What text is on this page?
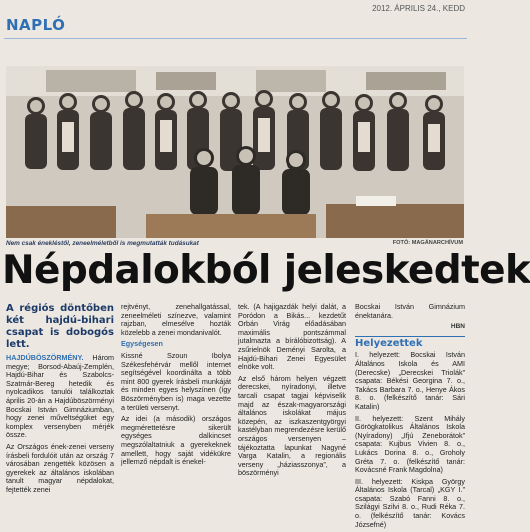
NAPLÓ
2012. ÁPRILIS 24., KEDD
Nem csak énekléstől, zeneelméletből is megmutatták tudásukat	FOTÓ: MAGÁNARCHÍVUM
Népdalokból jeleskedtek

A régiós döntőben két hajdú-bihari csapat is dobogós lett.

HAJDÚBÖSZÖRMÉNY. Három megye; Borsod-Abaúj-Zemplén, Hajdú-Bihar és Szabolcs-Szatmár-Bereg hetedik és nyolcadikos tanulói találkoztak április 20-án a Hajdúböszörményi Bocskai István Gimnáziumban, hogy zenei műveltségüket egy komplex versenyben mérjék össze.

Az Országos ének-zenei verseny írásbeli fordulóit után az ország 7 városában zengették közösen a gyerekek az általános iskolában tanult magyar népdalokat, fejtették zenei

rejtvényt, zenehallgatással, zeneelméleti színezve, valamint rajzban, elmesélve hozták közelebb a zenei mondanivalót.

Egységesen

Kissné Szoun Ibolya Székesfehérvár mellől internet segítségével koordinálta a több mint 800 gyerek írásbeli munkáját és minden egyes helyszínen (így Böszörményben is) maga vezette a területi versenyt.

Az idei (a második) országos megmérettetésre sikerült egységes dalkincset megszólaltatniuk a gyerekeknek amellett, hogy saját vidékükre jellemző népdalt is énekel-

tek. (A hajigazdák helyi dalát, a Poródon a Bikás... kezdetűt Orbán Virág előadásában maximális pontszámmal jutalmazta a bírálóbizottság). A zsűrielnök Deményi Sarolta, a Hajdú-Bihari Zenei Egyesület elnöke volt.

Az első három helyen végzett derecskei, nyíradonyi, illetve tarcali csapat tagjai képviselik majd az észak-magyarországi általános iskolákat május közepén, az iszkaszentgyörgyi kastélyban megrendezésre kerülő országos versenyen – tájékoztatta lapunkat Nagyné Varga Katalin, a regionális verseny „háziasszonya”, a böszörményi

Bocskai István Gimnázium énektanára.

HBN
Helyezettek

I. helyezett: Bocskai István Általános Iskola és AMI (Derecske) „Derecskei Triolák” csapata: Békési Georgina 7. o., Takács Barbara 7. o., Henye Ákos 8. o. (felkészítő tanár: Sári Katalin)

II. helyezett: Szent Mihály Görögkatolikus Általános Iskola (Nyíradony) „Ifjú Zeneborátok” csapata: Kujbus Vivien 8. o., Lukács Dorina 8. o., Groholy Gréta 7. o. (felkészítő tanár: Kovácsné Frank Magdolna)

III. helyezett: Kiskpa György Általános Iskola (Tarcal) „KGY I.” csapata: Szabó Fanni 8. o., Szilágyi Szilvi 8. o., Rudi Réka 7. o. (felkészítő tanár: Kovács Józsefné)
